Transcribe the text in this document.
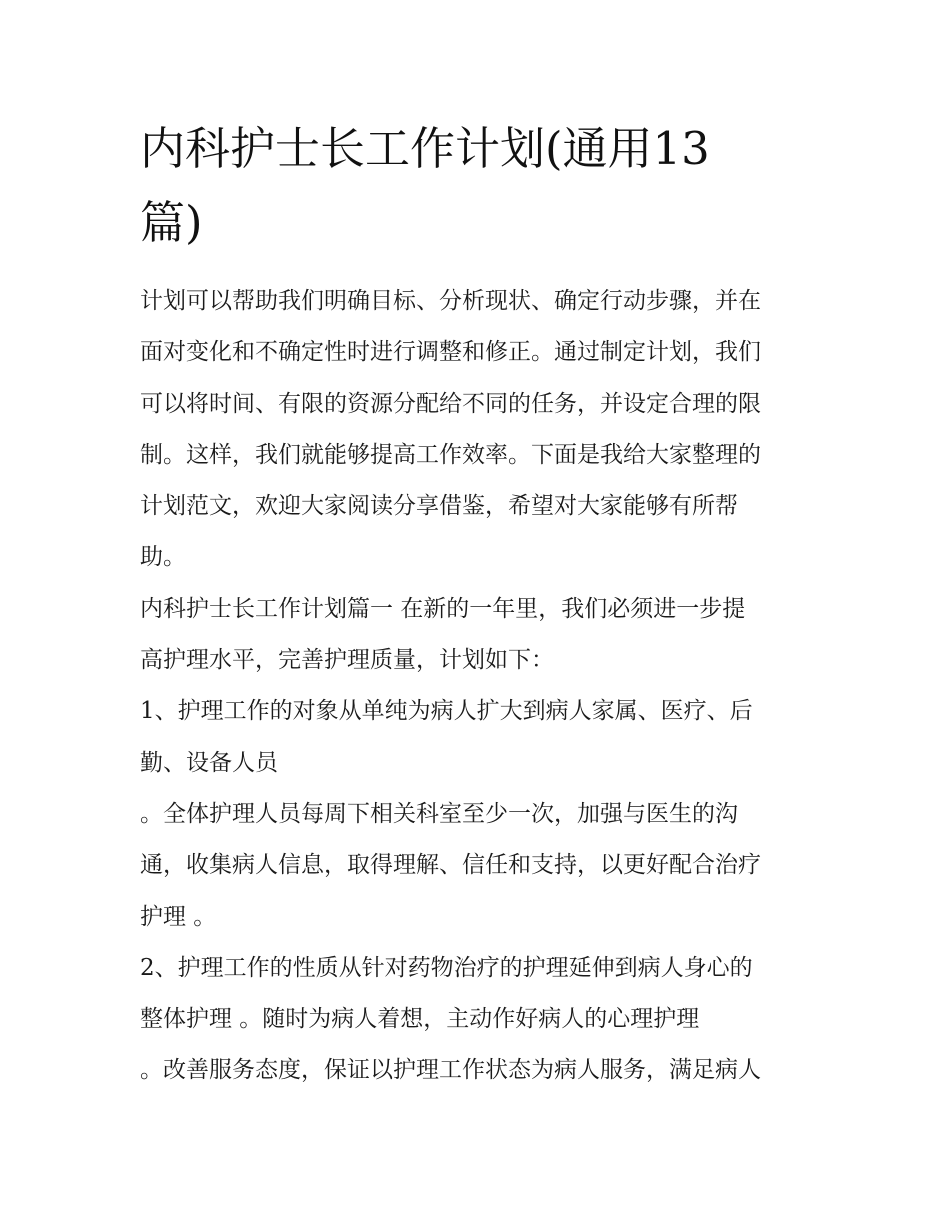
内科护士长工作计划(通用13
篇)
计划可以帮助我们明确目标、分析现状、确定行动步骤，并在
面对变化和不确定性时进行调整和修正。通过制定计划，我们
可以将时间、有限的资源分配给不同的任务，并设定合理的限
制。这样，我们就能够提高工作效率。下面是我给大家整理的
计划范文，欢迎大家阅读分享借鉴，希望对大家能够有所帮
助。
内科护士长工作计划篇一 在新的一年里，我们必须进一步提
高护理水平，完善护理质量，计划如下：
1、护理工作的对象从单纯为病人扩大到病人家属、医疗、后
勤、设备人员
。全体护理人员每周下相关科室至少一次，加强与医生的沟
通，收集病人信息，取得理解、信任和支持，以更好配合治疗
护理 。
2、护理工作的性质从针对药物治疗的护理延伸到病人身心的
整体护理 。随时为病人着想，主动作好病人的心理护理
。改善服务态度，保证以护理工作状态为病人服务，满足病人
